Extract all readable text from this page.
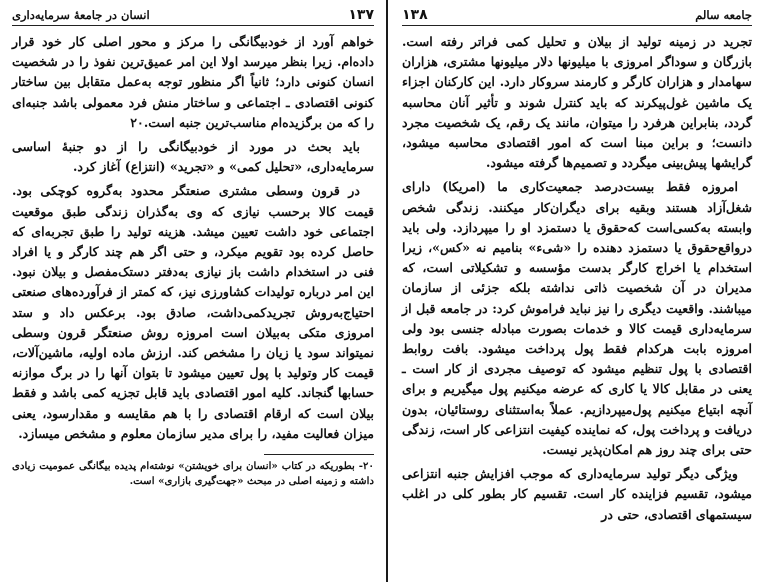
۱۳۷
انسان در جامعهٔ سرمایه‌داری

خواهم آورد از خودبیگانگی را مرکز و محور اصلی کار خود قرار داده‌ام. زیرا بنظر میرسد اولا این امر عمیق‌ترین نفوذ را در شخصیت انسان کنونی دارد؛ ثانیاً اگر منظور توجه به‌عمل متقابل بین ساختار کنونی اقتصادی ـ اجتماعی و ساختار منش فرد معمولی باشد جنبه‌ای را که من برگزیده‌ام مناسب‌ترین جنبه است.۲۰

باید بحث در مورد از خودبیگانگی را از دو جنبهٔ اساسی سرمایه‌داری، «تحلیل کمی» و «تجرید» (انتزاع) آغاز کرد.

در قرون وسطی مشتری صنعتگر محدود به‌گروه کوچکی بود. قیمت کالا برحسب نیازی که وی به‌گذران زندگی طبق موقعیت اجتماعی خود داشت تعیین میشد. هزینه تولید را طبق تجربه‌ای که حاصل کرده بود تقویم میکرد، و حتی اگر هم چند کارگر و یا افراد فنی در استخدام داشت باز نیازی به‌دفتر دستک‌مفصل و بیلان نبود. این امر درباره تولیدات کشاورزی نیز، که کمتر از فرآورده‌های صنعتی احتیاج‌به‌روش تجریدکمی‌داشت، صادق بود. برعکس داد و ستد امروزی متکی به‌بیلان است امروزه روش صنعتگر قرون وسطی نمیتواند سود یا زیان را مشخص کند. ارزش ماده اولیه، ماشین‌آلات، قیمت کار وتولید با پول تعیین میشود تا بتوان آنها را در برگ موازنه حسابها گنجاند. کلیه امور اقتصادی باید قابل تجزیه کمی باشد و فقط بیلان است که ارقام اقتصادی را با هم مقایسه و مقدارسود، یعنی میزان فعالیت مفید، را برای مدیر سازمان معلوم و مشخص میسازد.

۲۰- بطوریکه در کتاب «انسان برای خویشتن» نوشته‌ام پدیده بیگانگی عمومیت زیادی داشته و زمینه اصلی در مبحث «جهت‌گیری بازاری» است.
جامعه سالم
۱۳۸

تجرید در زمینه تولید از بیلان و تحلیل کمی فراتر رفته است. بازرگان و سوداگر امروزی با میلیونها دلار میلیونها مشتری، هزاران سهامدار و هزاران کارگر و کارمند سروکار دارد. این کارکنان اجزاء یک ماشین غول‌پیکرند که باید کنترل شوند و تأثیر آنان محاسبه گردد، بنابراین هرفرد را میتوان، مانند یک رقم، یک شخصیت مجرد دانست؛ و براین مبنا است که امور اقتصادی محاسبه میشود، گرایشها پیش‌بینی میگردد و تصمیم‌ها گرفته میشود.

امروزه فقط بیست‌درصد جمعیت‌کاری ما (امریکا) دارای شغل‌آزاد هستند وبقیه برای دیگران‌کار میکنند. زندگی شخص وابسته به‌کسی‌است که‌حقوق یا دستمزد او را میپردازد. ولی باید درواقع‌حقوق یا دستمزد دهنده را «شیء» بنامیم نه «کس»، زیرا استخدام یا اخراج کارگر بدست مؤسسه و تشکیلاتی است، که مدیران در آن شخصیت ذاتی نداشته بلکه جزئی از سازمان میباشند. واقعیت دیگری را نیز نباید فراموش کرد: در جامعه قبل از سرمایه‌داری قیمت کالا و خدمات بصورت مبادله جنسی بود ولی امروزه بابت هرکدام فقط پول پرداخت میشود. بافت روابط اقتصادی با پول تنظیم میشود که توصیف مجردی از کار است ـ یعنی در مقابل کالا یا کاری که عرضه میکنیم پول میگیریم و برای آنچه ابتیاع میکنیم پول‌میپردازیم. عملاً به‌استثنای روستائیان، بدون دریافت و پرداخت پول، که نماینده کیفیت انتزاعی کار است، زندگی حتی برای چند روز هم امکان‌پذیر نیست.

ویژگی دیگر تولید سرمایه‌داری که موجب افزایش جنبه انتزاعی میشود، تقسیم فزاینده کار است. تقسیم کار بطور کلی در اغلب سیستمهای اقتصادی، حتی در
